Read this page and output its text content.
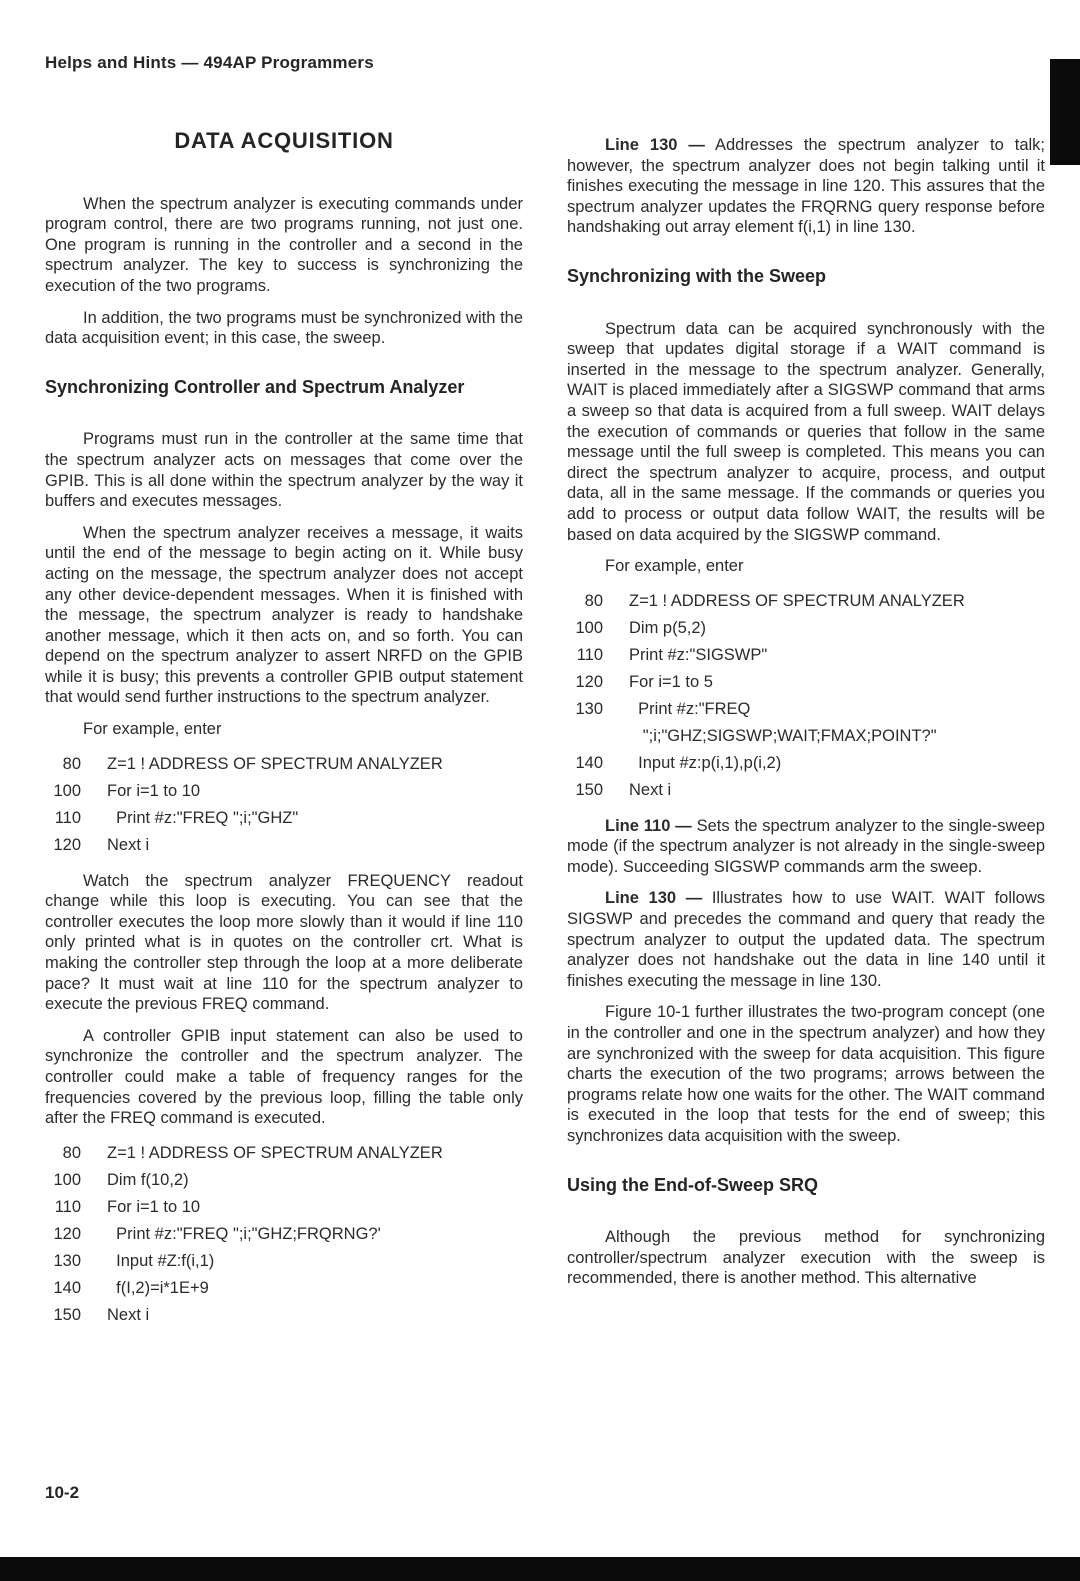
Helps and Hints — 494AP Programmers
DATA ACQUISITION

When the spectrum analyzer is executing commands under program control, there are two programs running, not just one. One program is running in the controller and a second in the spectrum analyzer. The key to success is synchronizing the execution of the two programs.

In addition, the two programs must be synchronized with the data acquisition event; in this case, the sweep.

Synchronizing Controller and Spectrum Analyzer

Programs must run in the controller at the same time that the spectrum analyzer acts on messages that come over the GPIB. This is all done within the spectrum analyzer by the way it buffers and executes messages.

When the spectrum analyzer receives a message, it waits until the end of the message to begin acting on it. While busy acting on the message, the spectrum analyzer does not accept any other device-dependent messages. When it is finished with the message, the spectrum analyzer is ready to handshake another message, which it then acts on, and so forth. You can depend on the spectrum analyzer to assert NRFD on the GPIB while it is busy; this prevents a controller GPIB output statement that would send further instructions to the spectrum analyzer.

For example, enter

80 Z=1 ! ADDRESS OF SPECTRUM ANALYZER
100 For i=1 to 10
110 Print #z:"FREQ ";i;"GHZ"
120 Next i

Watch the spectrum analyzer FREQUENCY readout change while this loop is executing. You can see that the controller executes the loop more slowly than it would if line 110 only printed what is in quotes on the controller crt. What is making the controller step through the loop at a more deliberate pace? It must wait at line 110 for the spectrum analyzer to execute the previous FREQ command.

A controller GPIB input statement can also be used to synchronize the controller and the spectrum analyzer. The controller could make a table of frequency ranges for the frequencies covered by the previous loop, filling the table only after the FREQ command is executed.

80 Z=1 ! ADDRESS OF SPECTRUM ANALYZER
100 Dim f(10,2)
110 For i=1 to 10
120 Print #z:"FREQ ";i;"GHZ;FRQRNG?'
130 Input #Z:f(i,1)
140 f(I,2)=i*1E+9
150 Next i

Line 130 — Addresses the spectrum analyzer to talk; however, the spectrum analyzer does not begin talking until it finishes executing the message in line 120. This assures that the spectrum analyzer updates the FRQRNG query response before handshaking out array element f(i,1) in line 130.

Synchronizing with the Sweep

Spectrum data can be acquired synchronously with the sweep that updates digital storage if a WAIT command is inserted in the message to the spectrum analyzer. Generally, WAIT is placed immediately after a SIGSWP command that arms a sweep so that data is acquired from a full sweep. WAIT delays the execution of commands or queries that follow in the same message until the full sweep is completed. This means you can direct the spectrum analyzer to acquire, process, and output data, all in the same message. If the commands or queries you add to process or output data follow WAIT, the results will be based on data acquired by the SIGSWP command.

For example, enter

80 Z=1 ! ADDRESS OF SPECTRUM ANALYZER
100 Dim p(5,2)
110 Print #z:"SIGSWP"
120 For i=1 to 5
130 Print #z:"FREQ
";i;"GHZ;SIGSWP;WAIT;FMAX;POINT?"
140 Input #z:p(i,1),p(i,2)
150 Next i

Line 110 — Sets the spectrum analyzer to the single-sweep mode (if the spectrum analyzer is not already in the single-sweep mode). Succeeding SIGSWP commands arm the sweep.

Line 130 — Illustrates how to use WAIT. WAIT follows SIGSWP and precedes the command and query that ready the spectrum analyzer to output the updated data. The spectrum analyzer does not handshake out the data in line 140 until it finishes executing the message in line 130.

Figure 10-1 further illustrates the two-program concept (one in the controller and one in the spectrum analyzer) and how they are synchronized with the sweep for data acquisition. This figure charts the execution of the two programs; arrows between the programs relate how one waits for the other. The WAIT command is executed in the loop that tests for the end of sweep; this synchronizes data acquisition with the sweep.

Using the End-of-Sweep SRQ

Although the previous method for synchronizing controller/spectrum analyzer execution with the sweep is recommended, there is another method. This alternative

10-2
